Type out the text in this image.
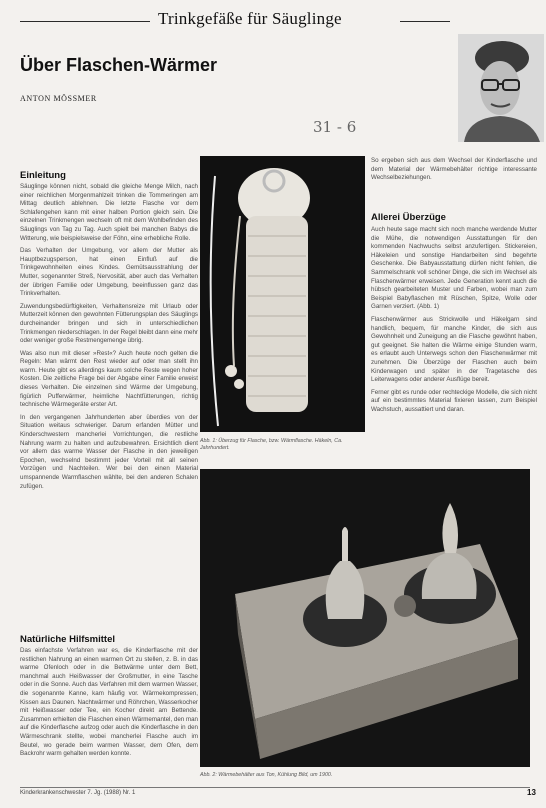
Trinkgefäße für Säuglinge
Über Flaschen-Wärmer
ANTON MÖSSMER
31 - 6
Einleitung

Säuglinge können nicht, sobald die gleiche Menge Milch, nach einer reichlichen Morgenmahlzeit trinken die Tommeringen am Mittag deutlich ablehnen. Die letzte Flasche vor dem Schlafengehen kann mit einer halben Portion gleich sein. Die einzelnen Trinkmengen wechseln oft mit dem Wohlbefinden des Säuglings von Tag zu Tag. Auch spielt bei manchen Babys die Witterung, wie beispielsweise der Föhn, eine erhebliche Rolle.

Das Verhalten der Umgebung, vor allem der Mutter als Hauptbezugsperson, hat einen Einfluß auf die Trinkgewohnheiten eines Kindes. Gemütsausstrahlung der Mutter, sogenannter Streß, Nervosität, aber auch das Verhalten der übrigen Familie oder Umgebung, beeinflussen ganz das Trinkverhalten.

Zuwendungsbedürftigkeiten, Verhaltensreize mit Urlaub oder Mutterzeit können den gewohnten Fütterungsplan des Säuglings durcheinander bringen und sich in unterschiedlichen Trinkmengen niederschlagen. In der Regel bleibt dann eine mehr oder weniger große Restmengemenge übrig.

Was also nun mit dieser »Rest«? Auch heute noch gelten die Regeln: Man wärmt den Rest wieder auf oder man stellt ihn warm. Heute gibt es allerdings kaum solche Reste wegen hoher Kosten. Die zeitliche Frage bei der Abgabe einer Familie erweist dieses Verhalten. Die einzelnen sind Wärme der Umgebung, figürlich Pufferwärmer, heimliche Nachtfütterungen, richtig technische Wärmegeräte erster Art.

In den vergangenen Jahrhunderten aber überdies von der Situation weitaus schwieriger. Darum erfanden Mütter und Kinderschwestern mancherlei Vorrichtungen, die restliche Nahrung warm zu halten und aufzubewahren. Ersichtlich dient vor allem das warme Wasser der Flasche in den jeweiligen Epochen, wechselnd bestimmt jeder Vorteil mit all seinen Vorzügen und Nachteilen. Wer bei den einen Material umspannende Warmflaschen wählte, bei den anderen Schalen zufügen.

Natürliche Hilfsmittel

Das einfachste Verfahren war es, die Kinderflasche mit der restlichen Nahrung an einen warmen Ort zu stellen, z. B. in das warme Ofenloch oder in die Bettwärme unter dem Bett, manchmal auch Heißwasser der Großmutter, in eine Tasche oder in die Sonne. Auch das Verfahren mit dem warmen Wasser, die sogenannte Kanne, kam häufig vor. Wärmekompressen, Kissen aus Daunen. Nachtwärmer und Röhrchen, Wasserkocher mit Heißwasser oder Tee, ein Kocher direkt am Bettende. Zusammen erhielten die Flaschen einen Wärmemantel, den man auf die Kinderflasche aufzog oder auch die Kinderflasche in den Wärmeschrank stellte, wobei mancherlei Flasche auch im Beutel, wo gerade beim warmen Wasser, dem Ofen, dem Backrohr warm gehalten werden konnte.

Abb. 1: Überzug für Flasche, bzw. Wärmflasche. Häkeln, Ca. Jahrhundert.
Abb. 2: Wärmebehälter aus Ton, Kühlung Bild, um 1900.

So ergeben sich aus dem Wechsel der Kinderflasche und dem Material der Wärmebehälter richtige interessante Wechselbeziehungen.

Allerei Überzüge

Auch heute sage macht sich noch manche werdende Mutter die Mühe, die notwendigen Ausstattungen für den kommenden Nachwuchs selbst anzufertigen. Stickereien, Häkeleien und sonstige Handarbeiten sind begehrte Geschenke. Die Babyausstattung dürfen nicht fehlen, die Sammelschrank voll schöner Dinge, die sich im Wechsel als Flaschenwärmer erweisen. Jede Generation kennt auch die hübsch gearbeiteten Muster und Farben, wobei man zum Beispiel Babyflaschen mit Rüschen, Spitze, Wolle oder Garnen verziert. (Abb. 1)

Flaschenwärmer aus Strickwolle und Häkelgarn sind handlich, bequem, für manche Kinder, die sich aus Gewohnheit und Zuneigung an die Flasche gewöhnt haben, gut geeignet. Sie halten die Wärme einige Stunden warm, es erlaubt auch Unterwegs schon den Flaschenwärmer mit zunehmen. Die Überzüge der Flaschen auch beim Kinderwagen und später in der Tragetasche des Leiterwagens oder anderer Ausflüge bereit.

Ferner gibt es runde oder rechteckige Modelle, die sich nicht auf ein bestimmtes Material fixieren lassen, zum Beispiel Wachstuch, aussattiert und daran.

Kinderkrankenschwester 7. Jg. (1988) Nr. 1	13
